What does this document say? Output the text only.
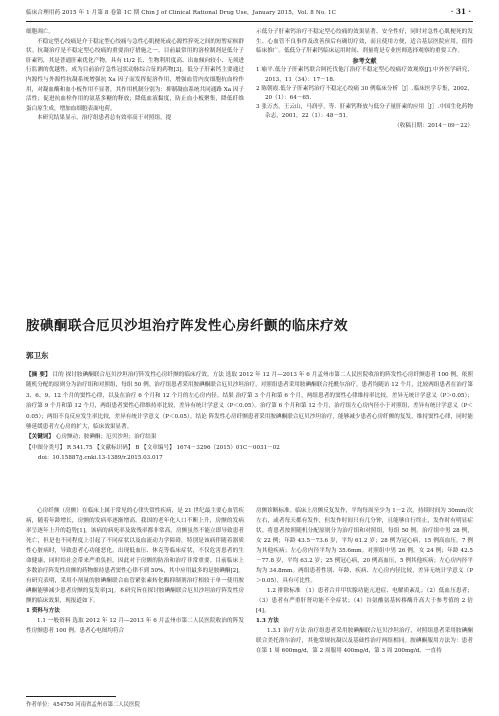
临床合理用药 2015 年 1 月第 8 卷第 1C 期 Chin J of Clinical Rational Drug Use，January 2015，Vol. 8 No. 1C	· 31 ·

细胞凋亡。

不稳定型心绞痛是介于稳定型心绞痛与急性心肌梗死或心源性猝死之间的短暂症候群状。抗凝治疗是不稳定型心绞痛的重要治疗措施之一。目前最常用的溶栓制剂是低分子肝素钙，其是普通肝素优化产物，具有 t1/2 长、生物利用度高、出血倾向较小、无须进行监测的优越性，成为目前治疗急性冠状动脉综合征的药物[3]。低分子肝素钙主要通过内源性与外源性抗凝系统增强抗 Xa 因子而发挥促溶作用，增强血管内皮细胞抗血栓作用，对凝血酶和血小板作用不显著，其作用机制分别为：抑制凝血系统共同通路 Xa 因子活性；促进抗血栓作用的氨基多糖的释放；降低血液黏度，防止血小板聚集，降低纤维蛋白原生成，增加血细胞表面电荷。

本研究结果显示，治疗组患者总有效率高于对照组，提

示低分子肝素钙治疗不稳定型心绞痛的效果显著、安全性好，同时对急性心肌梗死的发生、心血管不良事件及改善预后有确切疗效，而且使用方便，适合基层医院应用，值得临床推广。低低分子肝素钙临床运用时间、剂量将是专业医师选择观察的重要工作。

参考文献

1 喻平.低分子肝素钙联合阿托伐他汀治疗不稳定型心绞痛疗效观察[J].中外医学研究，2013，11（34）：17－18.

2 陈朝霞.低分子肝素钙治疗不稳定心绞痛 30 例临床分析［J］.临床医学专集，2002，20（1）：64－65.

3 张万杰，王云山，马润亭，等．肝素钙释放与低分子量肝素的应用［J］.中国生化药物杂志，2001，22（1）：48－51.

（收稿日期：2014－09－22）

胺碘酮联合厄贝沙坦治疗阵发性心房纤颤的临床疗效
郭卫东

【摘 要】 目的 探讨胺碘酮联合厄贝沙坦治疗阵发性心房纤颤的临床疗效。方法 选取 2012 年 12 月—2013 年 6 月孟州市第二人民医院收治的阵发性心房纤颤患者 100 例，依照随机分配的原则分为治疗组和对照组，每组 50 例。治疗组患者采用胺碘酮联合厄贝沙坦治疗，对照组患者采用胺碘酮联合托酰尔治疗。患者均随访 12 个月，比较两组患者在治疗第 3、6、9、12 个月的窦性心律，以及在治疗 6 个月和 12 个月的左心房内径。结果 治疗第 3 个月和第 6 个月，两组患者的窦性心律维持率比较，差异无统计学意义（P＞0.05）；治疗第 9 个月和第 12 个月，两组患者窦性心律维持率比较，差异有统计学意义（P＜0.05）。治疗第 6 个月和第 12 个月，治疗组左心房内径小于对照组，差异有统计学意义（P＜0.05）；两组不良反应发生率比较，差异有统计学意义（P＜0.05）。结论 阵发性心房纤颤患者采用胺碘酮联合厄贝沙坦治疗，能够减少患者心房纤颤的复发，维持窦性心律，同时能够延缓患者左心房的扩大，临床效果显著。

【关键词】 心房颤动；胺碘酮；厄贝沙坦；治疗结果

【中图分类号】 R 541.75 【文献标识码】 B 【文章编号】 1674－3296（2015）01C－0031－02

doi：10.15887/j.cnki.13-1389/r.2015.03.017

心房纤颤（房颤）在临床上属于常见的心律失常性疾病，是 21 世纪最主要心血管疾病，随着年龄增长，房颤的发病率逐渐增高。我国的老年化人口不断上升，房颤的发病率呈逐年上升的趋势[1]。该病的病死率及致残率都非常高，房颤虽然不能立即导致患者死亡，但是也不同程度上引起了不同症状以及血流动力学障碍，特别是该病伴随着器质性心脏病时，导致患者心功能恶化，出现低血压、休克等临床症状，不仅危害患者的生命健康，同时给社会带来严重负担，因此对于房颤的防治和治疗非常重要。目前临床上多数治疗阵发性房颤的药物维持患者窦性心律不到 50%，其中应用最多的是胺碘酮[2]。有研究表明，采用小剂量的胺碘酮联合血管紧张素转化酶抑制剂治疗相较于单一使用胺碘酮能够减少患者房颤的复发率[3]。本研究旨在探讨胺碘酮联合厄贝沙坦治疗阵发性房颤的临床效果，现报道如下。

1 资料与方法

1.1 一般资料 选取 2012 年 12 月—2013 年 6 月孟州市第二人民医院收治的阵发性房颤患者 100 例。患者心电图均符合

房颤诊断标准。临床上房颤反复发作，平均每周至少为 1－2 次，持续时间为 30min/次左右，或者每天都有发作，但发作时间只有几分钟，且能够自行终止，发作时有明显症状。将患者按照随机分配原则分为治疗组和对照组，每组 50 例。治疗组中男 28 例，女 22 例；年龄 43.5－73.6 岁，平均 61.2 岁；28 例为冠心病，15 例高血压，7 例为其他疾病；左心房内径平均为 35.6mm。对照组中男 26 例，女 24 例；年龄 42.5－77.8 岁，平均 63.2 岁；25 例冠心病，20 例高血压，5 例其他疾病；左心房内径平均为 34.8mm。两组患者性别、年龄、疾病、左心房内径比较，差异无统计学意义（P＞0.05），具有可比性。

1.2 排除标准 （1）患者合并甲状腺功能亢进症、电解质紊乱；（2）低血压患者；（3）患者有严重肝肾功能不全症状；（4）谷氨酸氨基转移酶升高大于参考值的 2 倍[4]。

1.3 方法

1.3.1 治疗方法 治疗组患者采用胺碘酮联合厄贝沙坦治疗，对照组患者采用胺碘酮联合美托洛尔治疗，其他常规抗凝以及基础性治疗两组相同。胺碘酮服用方法为：患者在第 1 周 600mg/d，第 2 周服用 400mg/d，第 3 周 200mg/d，一直持

作者单位：454750 河南省孟州市第二人民医院
